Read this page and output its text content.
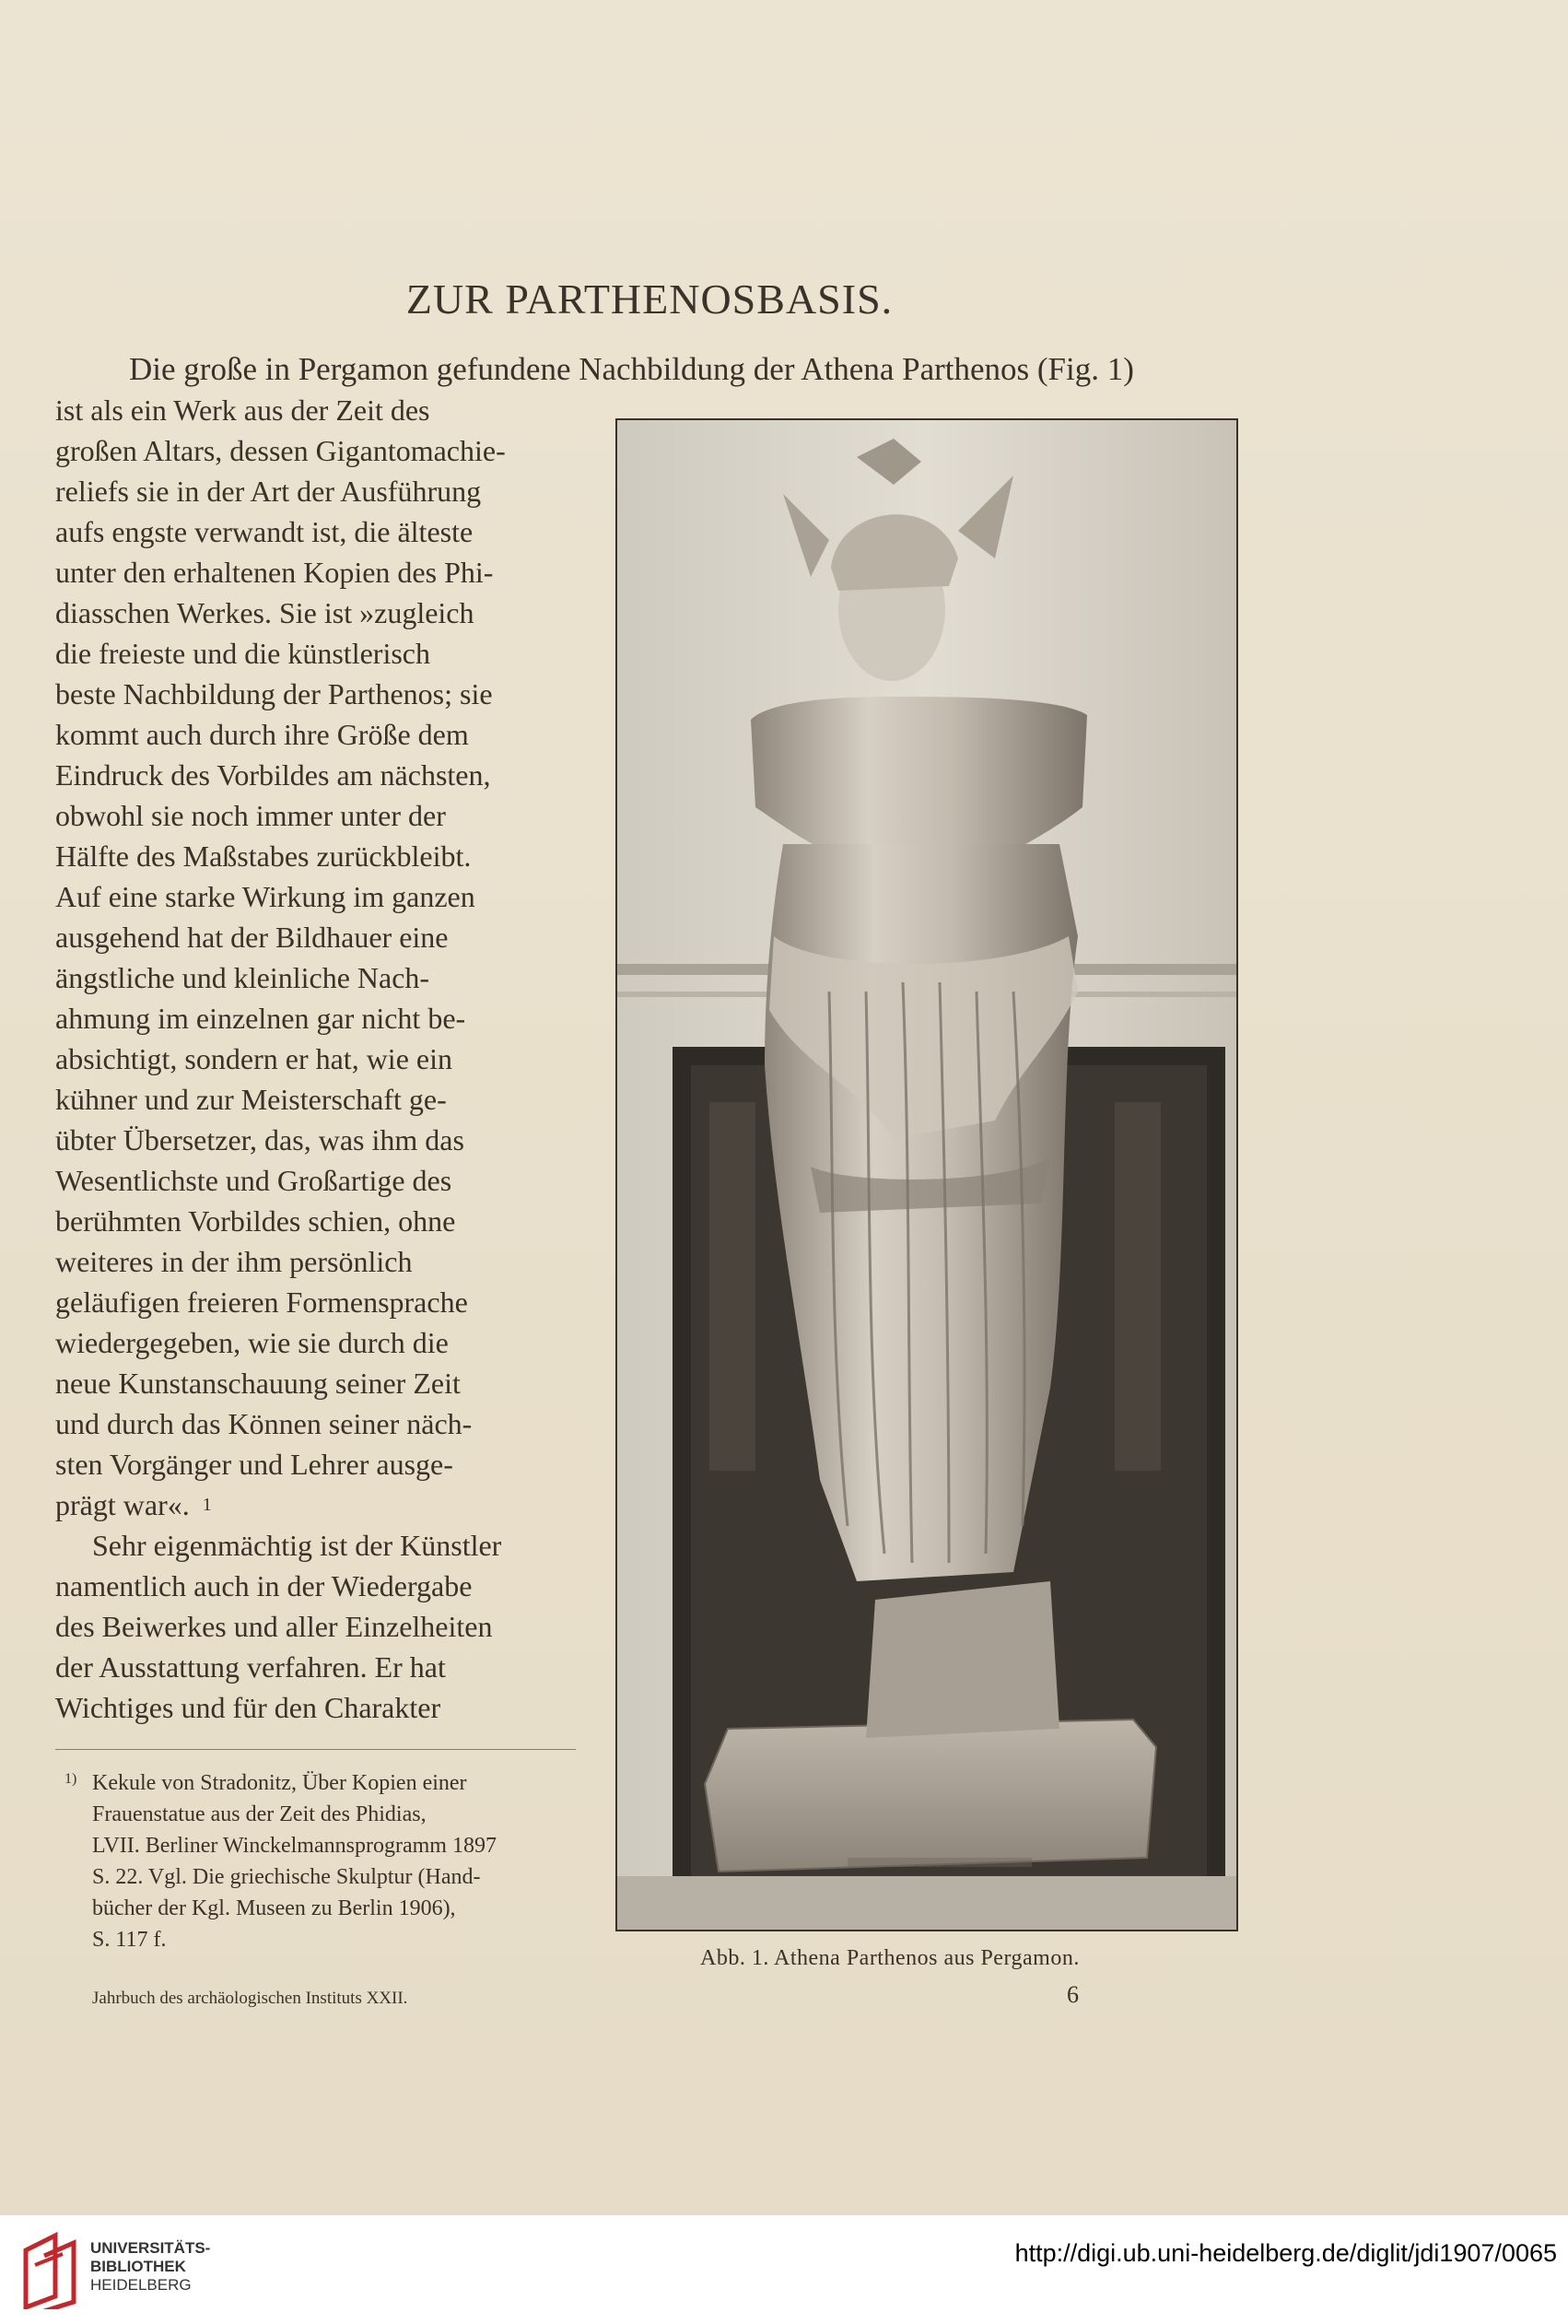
ZUR PARTHENOSBASIS.
Die große in Pergamon gefundene Nachbildung der Athena Parthenos (Fig. 1)
ist als ein Werk aus der Zeit des
großen Altars, dessen Gigantomachie-
reliefs sie in der Art der Ausführung
aufs engste verwandt ist, die älteste
unter den erhaltenen Kopien des Phi-
diasschen Werkes. Sie ist »zugleich
die freieste und die künstlerisch
beste Nachbildung der Parthenos; sie
kommt auch durch ihre Größe dem
Eindruck des Vorbildes am nächsten,
obwohl sie noch immer unter der
Hälfte des Maßstabes zurückbleibt.
Auf eine starke Wirkung im ganzen
ausgehend hat der Bildhauer eine
ängstliche und kleinliche Nach-
ahmung im einzelnen gar nicht be-
absichtigt, sondern er hat, wie ein
kühner und zur Meisterschaft ge-
übter Übersetzer, das, was ihm das
Wesentlichste und Großartige des
berühmten Vorbildes schien, ohne
weiteres in der ihm persönlich
geläufigen freieren Formensprache
wiedergegeben, wie sie durch die
neue Kunstanschauung seiner Zeit
und durch das Können seiner näch-
sten Vorgänger und Lehrer ausge-
prägt war«. 1
Sehr eigenmächtig ist der Künstler
namentlich auch in der Wiedergabe
des Beiwerkes und aller Einzelheiten
der Ausstattung verfahren. Er hat
Wichtiges und für den Charakter
1) Kekule von Stradonitz, Über Kopien einer
Frauenstatue aus der Zeit des Phidias,
LVII. Berliner Winckelmannsprogramm 1897
S. 22. Vgl. Die griechische Skulptur (Hand-
bücher der Kgl. Museen zu Berlin 1906),
S. 117 f.
Jahrbuch des archäologischen Instituts XXII.	6
Abb. 1. Athena Parthenos aus Pergamon.
UNIVERSITÄTS-
BIBLIOTHEK
HEIDELBERG
http://digi.ub.uni-heidelberg.de/diglit/jdi1907/0065
